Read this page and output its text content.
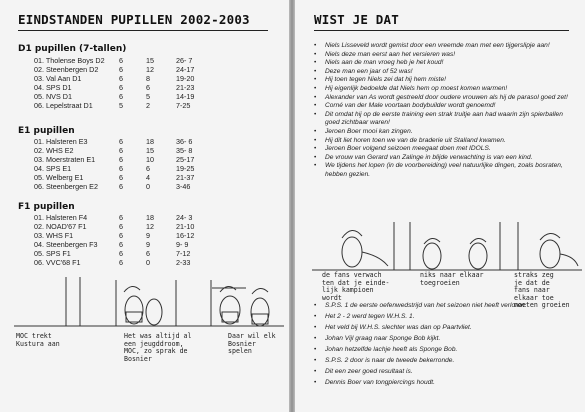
EINDSTANDEN PUPILLEN 2002-2003
D1 pupillen (7-tallen)
01. Tholense Boys D2	6	15	26- 7
02. Steenbergen D2	6	12	24-17
03. Val Aan D1	6	8	19-20
04. SPS D1	6	6	21-23
05. NVS D1	6	5	14-19
06. Lepelstraat D1	5	2	7-25
E1 pupillen
01. Halsteren E3	6	18	36- 6
02. WHS E2	6	15	35- 8
03. Moerstraten E1	6	10	25-17
04. SPS E1	6	6	19-25
05. Welberg E1	6	4	21-37
06. Steenbergen E2	6	0	3-46
F1 pupillen
01. Halsteren F4	6	18	24- 3
02. NOAD'67 F1	6	12	21-10
03. WHS F1	6	9	16-12
04. Steenbergen F3	6	9	9- 9
05. SPS F1	6	6	7-12
06. VVC'68 F1	6	0	2-33
MOC trekt
Kustura aan
Het was altijd al
een jeugddroom,
MOC, zo sprak de
Bosnier
Daar wil elk
Bosnier
spelen
WIST JE DAT
• Niels Lisseveld wordt gemist door een vreemde man met een tijgerslipje aan!
• Niels deze man eerst aan het versieren was!
• Niels aan de man vroeg heb je het koud!
• Deze man een jaar of 52 was!
• Hij toen tegen Niels zei dat hij hem miste!
• Hij eigenlijk bedoelde dat Niels hem op moest komen warmen!
• Alexander van As wordt gestreeld door oudere vrouwen als hij de parasol goed zet!
• Corné van der Male voortaan bodybuilder wordt genoemd!
• Dit omdat hij op de eerste training een strak truitje aan had waarin zijn spierballen goed zichtbaar waren!
• Jeroen Boer mooi kan zingen.
• Hij dit liet horen toen we van de braderie uit Stalland kwamen.
• Jeroen Boer volgend seizoen meegaat doen met IDOLS.
• De vrouw van Gerard van Zalinge in blijde verwachting is van een kind.
• We tijdens het lopen (in de voorbereiding) veel natuurlijke dingen, zoals bosraten, hebben gezien.
de fans verwach
ten dat je einde-
lijk kampioen
wordt
niks naar elkaar
toegroeien
straks zeg
je dat de
fans naar
elkaar toe
moeten groeien
• S.P.S. 1 de eerste oefenwedstrijd van het seizoen niet heeft verloren.
• Het 2 - 2 werd tegen W.H.S. 1.
• Het veld bij W.H.S. slechter was dan op Paartvliet.
• Johan Vijl graag naar Sponge Bob kijkt.
• Johan hetzelfde lachje heeft als Sponge Bob.
• S.P.S. 2 door is naar de tweede bekerronde.
• Dit een zeer goed resultaat is.
• Dennis Boer van tongpiercings houdt.
